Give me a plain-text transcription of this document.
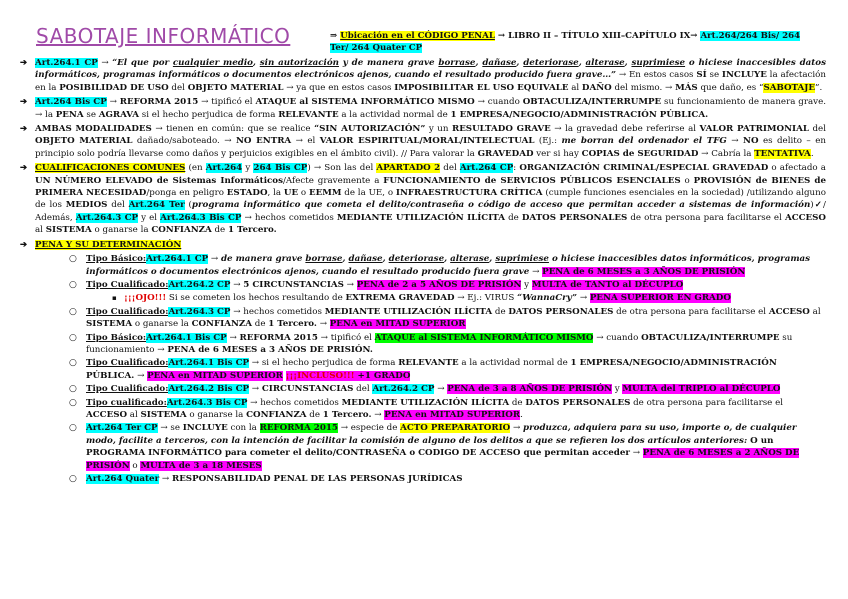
SABOTAJE INFORMÁTICO	⇒ Ubicación en el CÓDIGO PENAL → LIBRO II – TÍTULO XIII–CAPÍTULO IX→ Art.264/264 Bis/ 264 Ter/ 264 Quater CP
➔ Art.264.1 CP → “El que por cualquier medio, sin autorización y de manera grave borrase, dañase, deteriorase, alterase, suprimiese o hiciese inaccesibles datos informáticos, programas informáticos o documentos electrónicos ajenos, cuando el resultado producido fuera grave…” → En estos casos SÍ se INCLUYE la afectación en la POSIBILIDAD DE USO del OBJETO MATERIAL → ya que en estos casos IMPOSIBILITAR EL USO EQUIVALE al DAÑO del mismo. → MÁS que daño, es “SABOTAJE”.
➔ Art.264 Bis CP → REFORMA 2015 → tipificó el ATAQUE al SISTEMA INFORMÁTICO MISMO → cuando OBTACULIZA/INTERRUMPE su funcionamiento de manera grave. → la PENA se AGRAVA si el hecho perjudica de forma RELEVANTE a la actividad normal de 1 EMPRESA/NEGOCIO/ADMINISTRACIÓN PÚBLICA.
➔ AMBAS MODALIDADES → tienen en común: que se realice “SIN AUTORIZACIÓN” y un RESULTADO GRAVE → la gravedad debe referirse al VALOR PATRIMONIAL del OBJETO MATERIAL dañado/saboteado. → NO ENTRA → el VALOR ESPIRITUAL/MORAL/INTELECTUAL (Ej.: me borran del ordenador el TFG → NO es delito – en principio solo podría llevarse como daños y perjuicios exigibles en el ámbito civil). // Para valorar la GRAVEDAD ver si hay COPIAS de SEGURIDAD → Cabría la TENTATIVA.
➔ CUALIFICACIONES COMUNES (en Art.264 y 264 Bis CP) → Son las del APARTADO 2 del Art.264 CP: ORGANIZACIÓN CRIMINAL/ESPECIAL GRAVEDAD o afectado a UN NÚMERO ELEVADO de Sistemas Informáticos/Afecte gravemente a FUNCIONAMIENTO de SERVICIOS PÚBLICOS ESENCIALES o PROVISIÓN de BIENES de PRIMERA NECESIDAD/ponga en peligro ESTADO, la UE o EEMM de la UE, o INFRAESTRUCTURA CRÍTICA (cumple funciones esenciales en la sociedad) /utilizando alguno de los MEDIOS del Art.264 Ter (programa informático que cometa el delito/contraseña o código de acceso que permitan acceder a sistemas de información)✓/ Además, Art.264.3 CP y el Art.264.3 Bis CP → hechos cometidos MEDIANTE UTILIZACIÓN ILÍCITA de DATOS PERSONALES de otra persona para facilitarse el ACCESO al SISTEMA o ganarse la CONFIANZA de 1 Tercero.
➔ PENA Y SU DETERMINACIÓN
○ Tipo Básico:Art.264.1 CP → de manera grave borrase, dañase, deteriorase, alterase, suprimiese o hiciese inaccesibles datos informáticos, programas informáticos o documentos electrónicos ajenos, cuando el resultado producido fuera grave → PENA de 6 MESES a 3 AÑOS DE PRISIÓN
○ Tipo Cualificado:Art.264.2 CP → 5 CIRCUNSTANCIAS → PENA de 2 a 5 AÑOS DE PRISIÓN y MULTA de TANTO al DÉCUPLO
▪ ¡¡¡OJO!!! Si se cometen los hechos resultando de EXTREMA GRAVEDAD → Ej.: VIRUS “WannaCry” → PENA SUPERIOR EN GRADO
○ Tipo Cualificado:Art.264.3 CP → hechos cometidos MEDIANTE UTILIZACIÓN ILÍCITA de DATOS PERSONALES de otra persona para facilitarse el ACCESO al SISTEMA o ganarse la CONFIANZA de 1 Tercero. → PENA en MITAD SUPERIOR
○ Tipo Básico:Art.264.1 Bis CP → REFORMA 2015 → tipificó el ATAQUE al SISTEMA INFORMÁTICO MISMO → cuando OBTACULIZA/INTERRUMPE su funcionamiento → PENA de 6 MESES a 3 AÑOS DE PRISIÓN.
○ Tipo Cualificado:Art.264.1 Bis CP → si el hecho perjudica de forma RELEVANTE a la actividad normal de 1 EMPRESA/NEGOCIO/ADMINISTRACIÓN PÚBLICA. → PENA en MITAD SUPERIOR ¡¡¡INCLUSO!!! +1 GRADO
○ Tipo Cualificado:Art.264.2 Bis CP → CIRCUNSTANCIAS del Art.264.2 CP → PENA de 3 a 8 AÑOS DE PRISIÓN y MULTA del TRIPLO al DÉCUPLO
○ Tipo cualificado:Art.264.3 Bis CP → hechos cometidos MEDIANTE UTILIZACIÓN ILÍCITA de DATOS PERSONALES de otra persona para facilitarse el ACCESO al SISTEMA o ganarse la CONFIANZA de 1 Tercero. → PENA en MITAD SUPERIOR.
○ Art.264 Ter CP → se INCLUYE con la REFORMA 2015 → especie de ACTO PREPARATORIO → produzca, adquiera para su uso, importe o, de cualquier modo, facilite a terceros, con la intención de facilitar la comisión de alguno de los delitos a que se refieren los dos artículos anteriores: O un PROGRAMA INFORMÁTICO para cometer el delito/CONTRASEÑA o CODIGO DE ACCESO que permitan acceder → PENA de 6 MESES a 2 AÑOS DE PRISIÓN o MULTA de 3 a 18 MESES
○ Art.264 Quater → RESPONSABILIDAD PENAL DE LAS PERSONAS JURÍDICAS
